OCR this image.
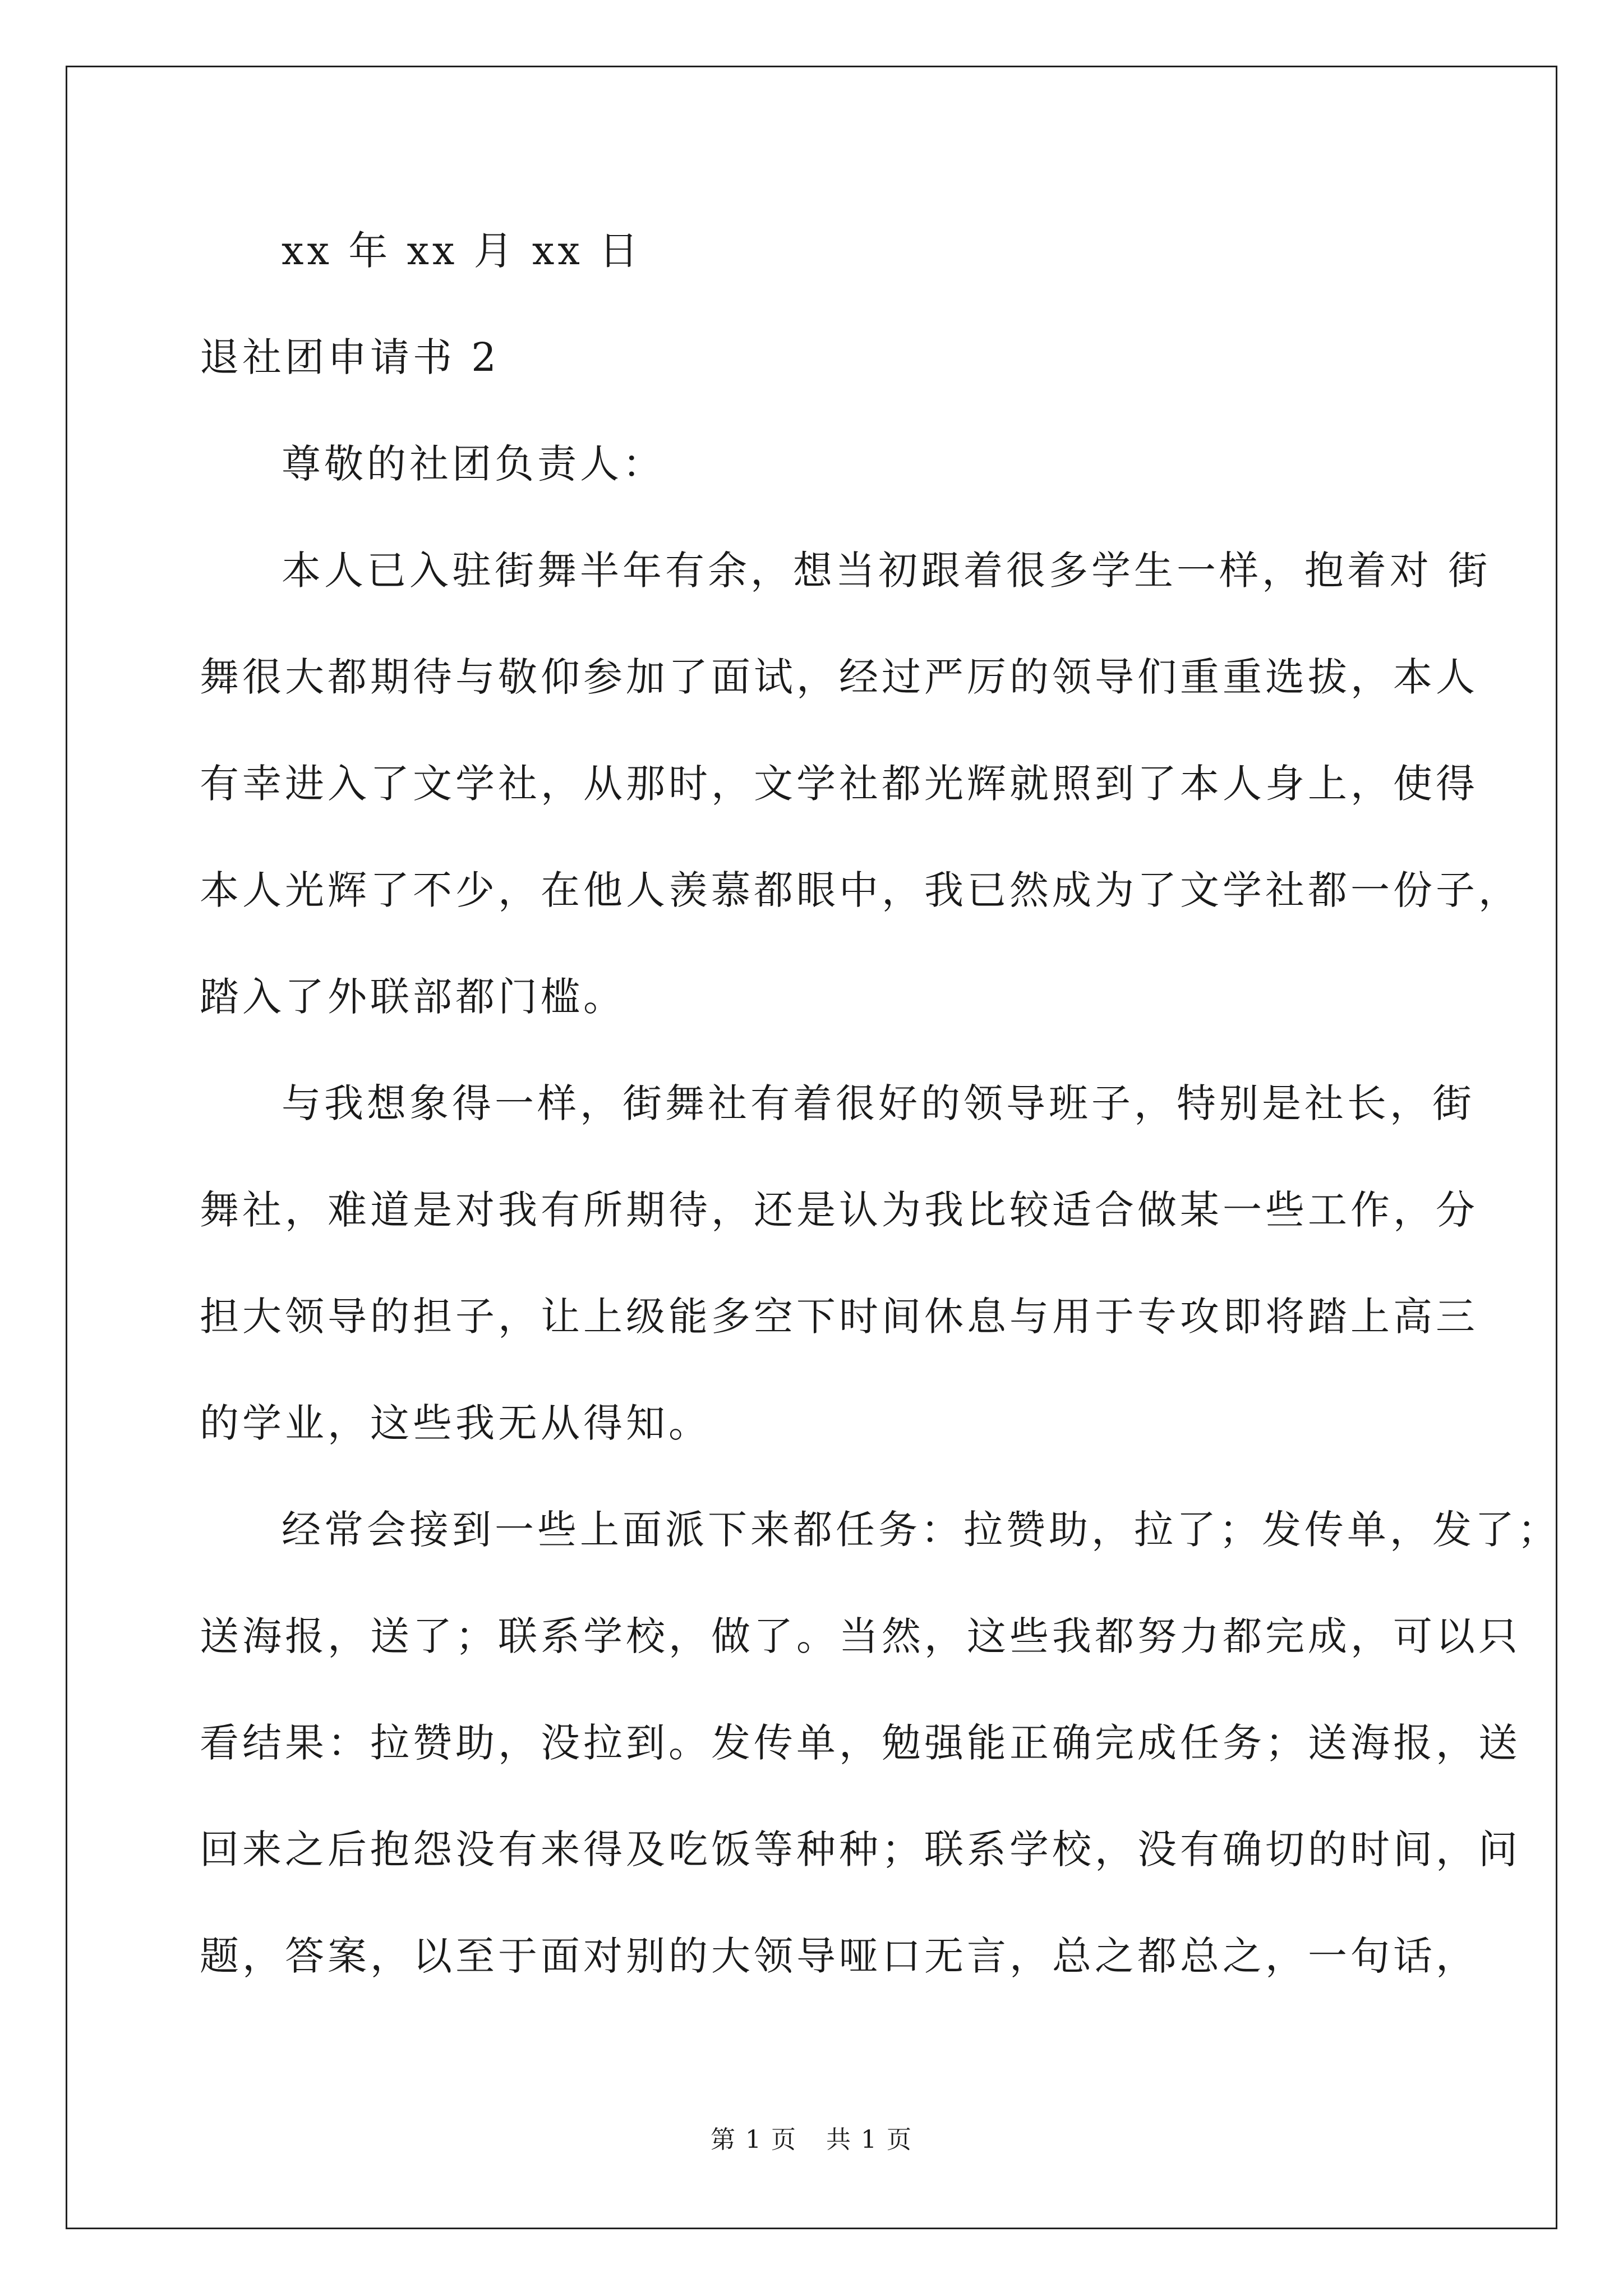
xx 年 xx 月 xx 日
退社团申请书 2
尊敬的社团负责人：
本人已入驻街舞半年有余，想当初跟着很多学生一样，抱着对 街
舞很大都期待与敬仰参加了面试，经过严厉的领导们重重选拔，本人
有幸进入了文学社，从那时，文学社都光辉就照到了本人身上，使得
本人光辉了不少，在他人羡慕都眼中，我已然成为了文学社都一份子，
踏入了外联部都门槛。
与我想象得一样，街舞社有着很好的领导班子，特别是社长，街
舞社，难道是对我有所期待，还是认为我比较适合做某一些工作，分
担大领导的担子，让上级能多空下时间休息与用于专攻即将踏上高三
的学业，这些我无从得知。
经常会接到一些上面派下来都任务：拉赞助，拉了；发传单，发了；
送海报，送了；联系学校，做了。当然，这些我都努力都完成，可以只
看结果：拉赞助，没拉到。发传单，勉强能正确完成任务；送海报，送
回来之后抱怨没有来得及吃饭等种种；联系学校，没有确切的时间，问
题，答案，以至于面对别的大领导哑口无言，总之都总之，一句话，
第 1 页 共 1 页
